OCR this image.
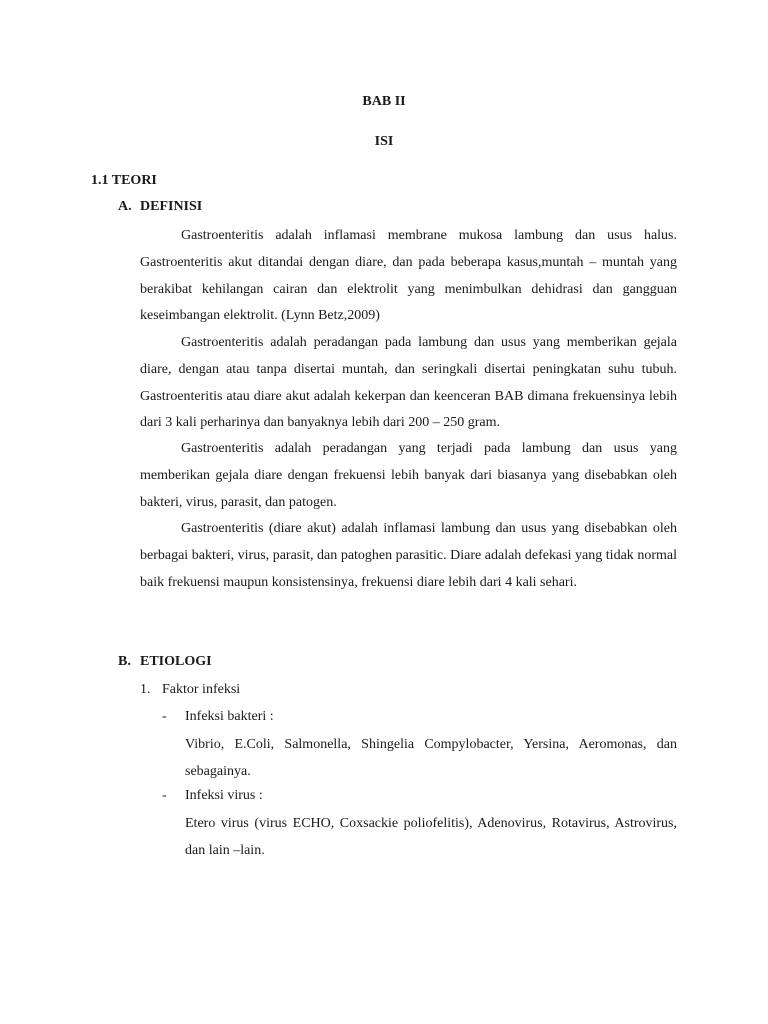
BAB II
ISI
1.1 TEORI
A. DEFINISI
Gastroenteritis adalah inflamasi membrane mukosa lambung dan usus halus. Gastroenteritis akut ditandai dengan diare, dan pada beberapa kasus,muntah – muntah yang berakibat kehilangan cairan dan elektrolit yang menimbulkan dehidrasi dan gangguan keseimbangan elektrolit. (Lynn Betz,2009)
Gastroenteritis adalah peradangan pada lambung dan usus yang memberikan gejala diare, dengan atau tanpa disertai muntah, dan seringkali disertai peningkatan suhu tubuh. Gastroenteritis atau diare akut adalah kekerpan dan keenceran BAB dimana frekuensinya lebih dari 3 kali perharinya dan banyaknya lebih dari 200 – 250 gram.
Gastroenteritis adalah peradangan yang terjadi pada lambung dan usus yang memberikan gejala diare dengan frekuensi lebih banyak dari biasanya yang disebabkan oleh bakteri, virus, parasit, dan patogen.
Gastroenteritis (diare akut) adalah inflamasi lambung dan usus yang disebabkan oleh berbagai bakteri, virus, parasit, dan patoghen parasitic. Diare adalah defekasi yang tidak normal baik frekuensi maupun konsistensinya, frekuensi diare lebih dari 4 kali sehari.
B. ETIOLOGI
1. Faktor infeksi
- Infeksi bakteri :
Vibrio, E.Coli, Salmonella, Shingelia Compylobacter, Yersina, Aeromonas, dan sebagainya.
- Infeksi virus :
Etero virus (virus ECHO, Coxsackie poliofelitis), Adenovirus, Rotavirus, Astrovirus, dan lain –lain.
